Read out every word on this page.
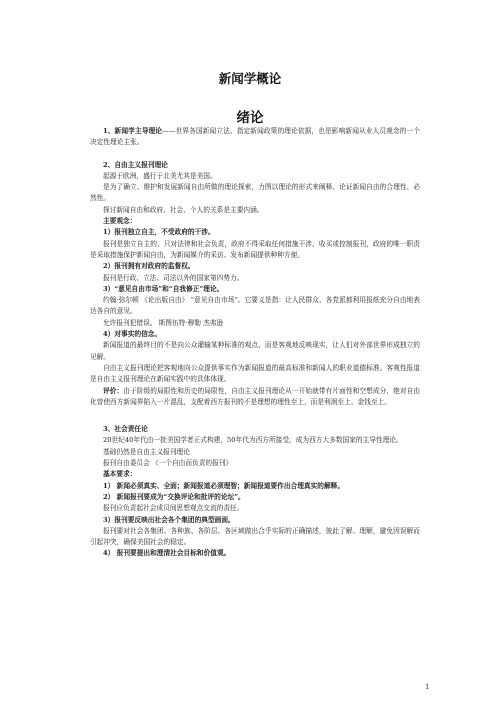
新闻学概论
绪论

1、新闻学主导理论——世界各国新闻立法、指定新闻政策的理论依据，也是影响新闻从业人员观念的一个决定性理论主张。

2、自由主义报刊理论

起源于欧洲，盛行于北美尤其是美国。

是为了确立、维护和发展新闻自由所做的理论探索，力图以理论的形式来阐释、论证新闻自由的合理性、必然性。

探讨新闻自由和政府、社会、个人的关系是主要内涵。

主要观念：

1）报刊独立自主，不受政府的干涉。

报刊是独立自主的，只对法律和社会负责，政府不得采取任何措施干涉、收买或控制报刊，政府的唯一职责是采取措施保护新闻自由，为新闻媒介的采访、发布新闻提供种种方便。

2）报刊拥有对政府的监督权。

报刊是行政、立法、司法以外的国家第四势力。

3）“意见自由市场”和“自我修正”理论。

约翰·弥尔顿 《论出版自由》 “意见自由市场”。它要义是指：让人民群众、各党派都利用报纸充分自由地表达各自的意见。

允许报刊犯错误。 斯图伍特·穆勒 杰弗逊

4）对事实的信念。

新闻报道的最终目的不是向公众灌输某种标准的观点，而是客观地反映现实，让人们对外部世界形成独立的见解。

自由主义报刊理论把客观地向公众提供事实作为新闻报道的最高标准和新闻人的职业道德标准。客观性报道是自由主义报刊理论在新闻实践中的具体体现。

评价：由于阶级的局限性和历史的局限性，自由主义报刊理论从一开始就带有片面性和空想成分，绝对自由化曾使西方新闻界陷入一片混乱，支配着西方报刊的不是理想的理性至上，而是利润至上、金钱至上。

3、社会责任论

20世纪40年代由一批美国学者正式构建，50年代为西方所接受，成为西方大多数国家的主导性理论。

基础仍然是自由主义报刊理论

报刊自由委员会 《一个自由而负责的报刊》

基本要求：

1） 新闻必须真实、全面；新闻报道必须理智；新闻报道要作出合理真实的解释。

2） 新闻报刊要成为“交换评论和批评的论坛”。

报刊应负责起社会成员间思想观点交流的责任。

3）报刊要反映出社会各个集团的典型画面。

报刊要对社会各集团、各种族、各阶层、各区域做出合乎实际的正确描述，彼此了解、理解，避免因误解而引起冲突，确保美国社会的稳定。

4） 报刊要提出和澄清社会目标和价值观。

1
